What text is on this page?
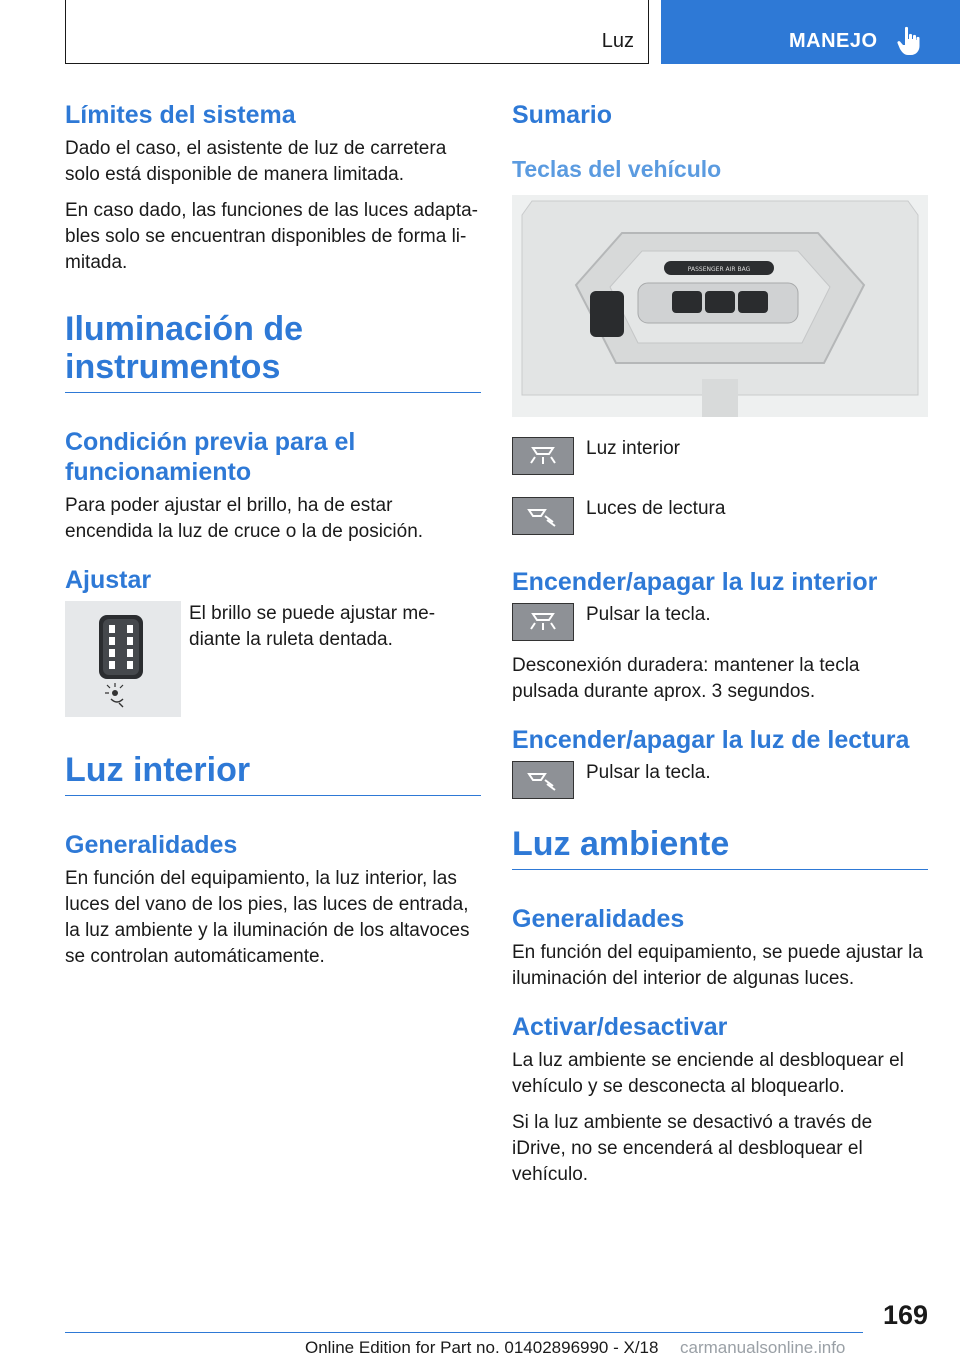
Luz	MANEJO
Límites del sistema

Dado el caso, el asistente de luz de carretera solo está disponible de manera limitada.

En caso dado, las funciones de las luces adapta-bles solo se encuentran disponibles de forma li-mitada.

Iluminación de
instrumentos
Condición previa para el
funcionamiento

Para poder ajustar el brillo, ha de estar encendida la luz de cruce o la de posición.

Ajustar

El brillo se puede ajustar me-diante la ruleta dentada.

Luz interior
Generalidades

En función del equipamiento, la luz interior, las luces del vano de los pies, las luces de entrada, la luz ambiente y la iluminación de los altavoces se controlan automáticamente.

Sumario
Teclas del vehículo
PASSENGER AIR BAG
Luz interior
Luces de lectura
Encender/apagar la luz interior
Pulsar la tecla.

Desconexión duradera: mantener la tecla pulsada durante aprox. 3 segundos.

Encender/apagar la luz de lectura
Pulsar la tecla.
Luz ambiente
Generalidades

En función del equipamiento, se puede ajustar la iluminación del interior de algunas luces.

Activar/desactivar

La luz ambiente se enciende al desbloquear el vehículo y se desconecta al bloquearlo.

Si la luz ambiente se desactivó a través de iDrive, no se encenderá al desbloquear el vehículo.

169
Online Edition for Part no. 01402896990 - X/18 carmanualsonline.info
